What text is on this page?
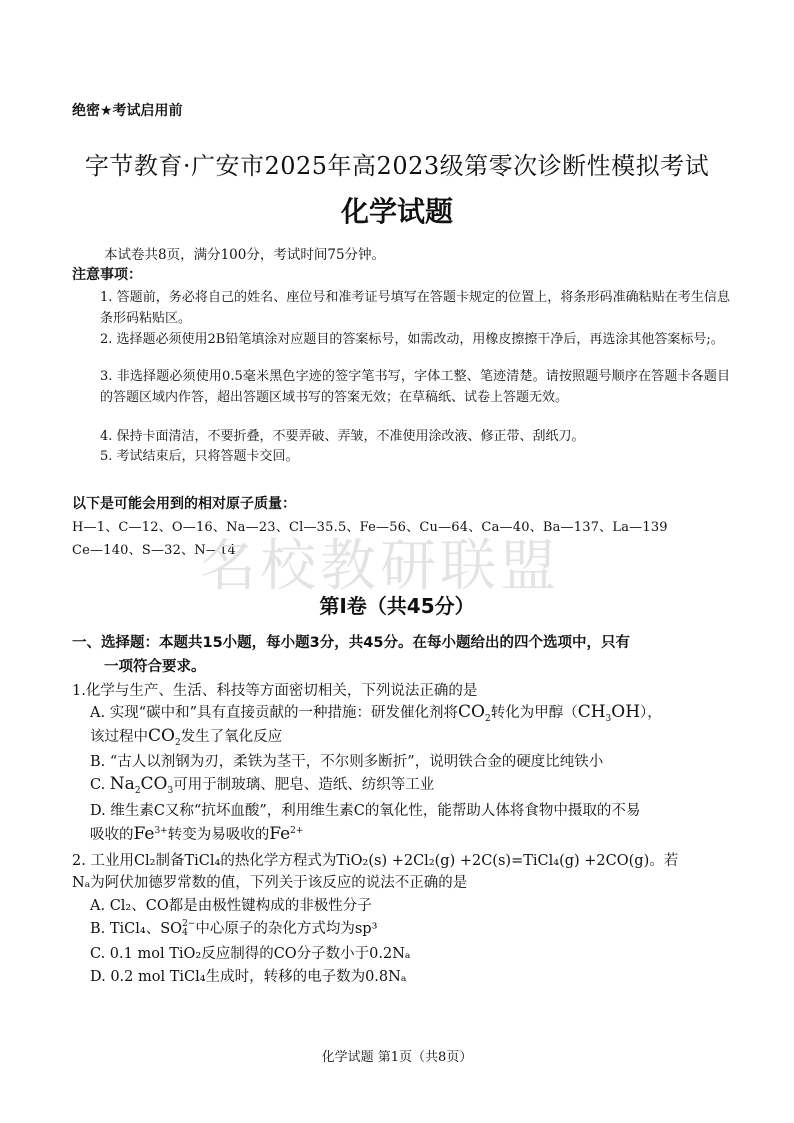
绝密★考试启用前
字节教育·广安市2025年高2023级第零次诊断性模拟考试
化学试题
本试卷共8页，满分100分，考试时间75分钟。
注意事项：
1. 答题前，务必将自己的姓名、座位号和准考证号填写在答题卡规定的位置上，将条形码准确粘贴在考生信息条形码粘贴区。
2. 选择题必须使用2B铅笔填涂对应题目的答案标号，如需改动，用橡皮擦擦干净后，再选涂其他答案标号;。
3. 非选择题必须使用0.5毫米黑色字迹的签字笔书写，字体工整、笔迹清楚。请按照题号顺序在答题卡各题目的答题区域内作答，超出答题区域书写的答案无效；在草稿纸、试卷上答题无效。
4. 保持卡面清洁，不要折叠，不要弄破、弄皱，不准使用涂改液、修正带、刮纸刀。
5. 考试结束后，只将答题卡交回。
以下是可能会用到的相对原子质量：
H—1、C—12、O—16、Na—23、Cl—35.5、Fe—56、Cu—64、Ca—40、Ba—137、La—139
Ce—140、S—32、N—14
名校教研联盟
第Ⅰ卷（共45分）
一、选择题：本题共15小题，每小题3分，共45分。在每小题给出的四个选项中，只有
一项符合要求。
1.化学与生产、生活、科技等方面密切相关，下列说法正确的是
A. 实现“碳中和”具有直接贡献的一种措施：研发催化剂将$CO_2$转化为甲醇$(CH_3OH)$，
该过程中$CO_2$发生了氧化反应
B. “古人以剂钢为刃，柔铁为茎干，不尔则多断折”，说明铁合金的硬度比纯铁小
C. $Na_2CO_3$可用于制玻璃、肥皂、造纸、纺织等工业
D. 维生素C又称“抗坏血酸”，利用维生素C的氧化性，能帮助人体将食物中摄取的不易
吸收的$Fe^{3+}$转变为易吸收的$Fe^{2+}$
2. 工业用Cl₂制备TiCl₄的热化学方程式为TiO₂(s) +2Cl₂(g) +2C(s)=TiCl₄(g) +2CO(g)。若
Nₐ为阿伏加德罗常数的值，下列关于该反应的说法不正确的是
A. Cl₂、CO都是由极性键构成的非极性分子
B. TiCl₄、SO 2−
4 中心原子的杂化方式均为sp³
C. 0.1 mol TiO₂反应制得的CO分子数小于0.2Nₐ
D. 0.2 mol TiCl₄生成时，转移的电子数为0.8Nₐ
化学试题 第1页（共8页）
